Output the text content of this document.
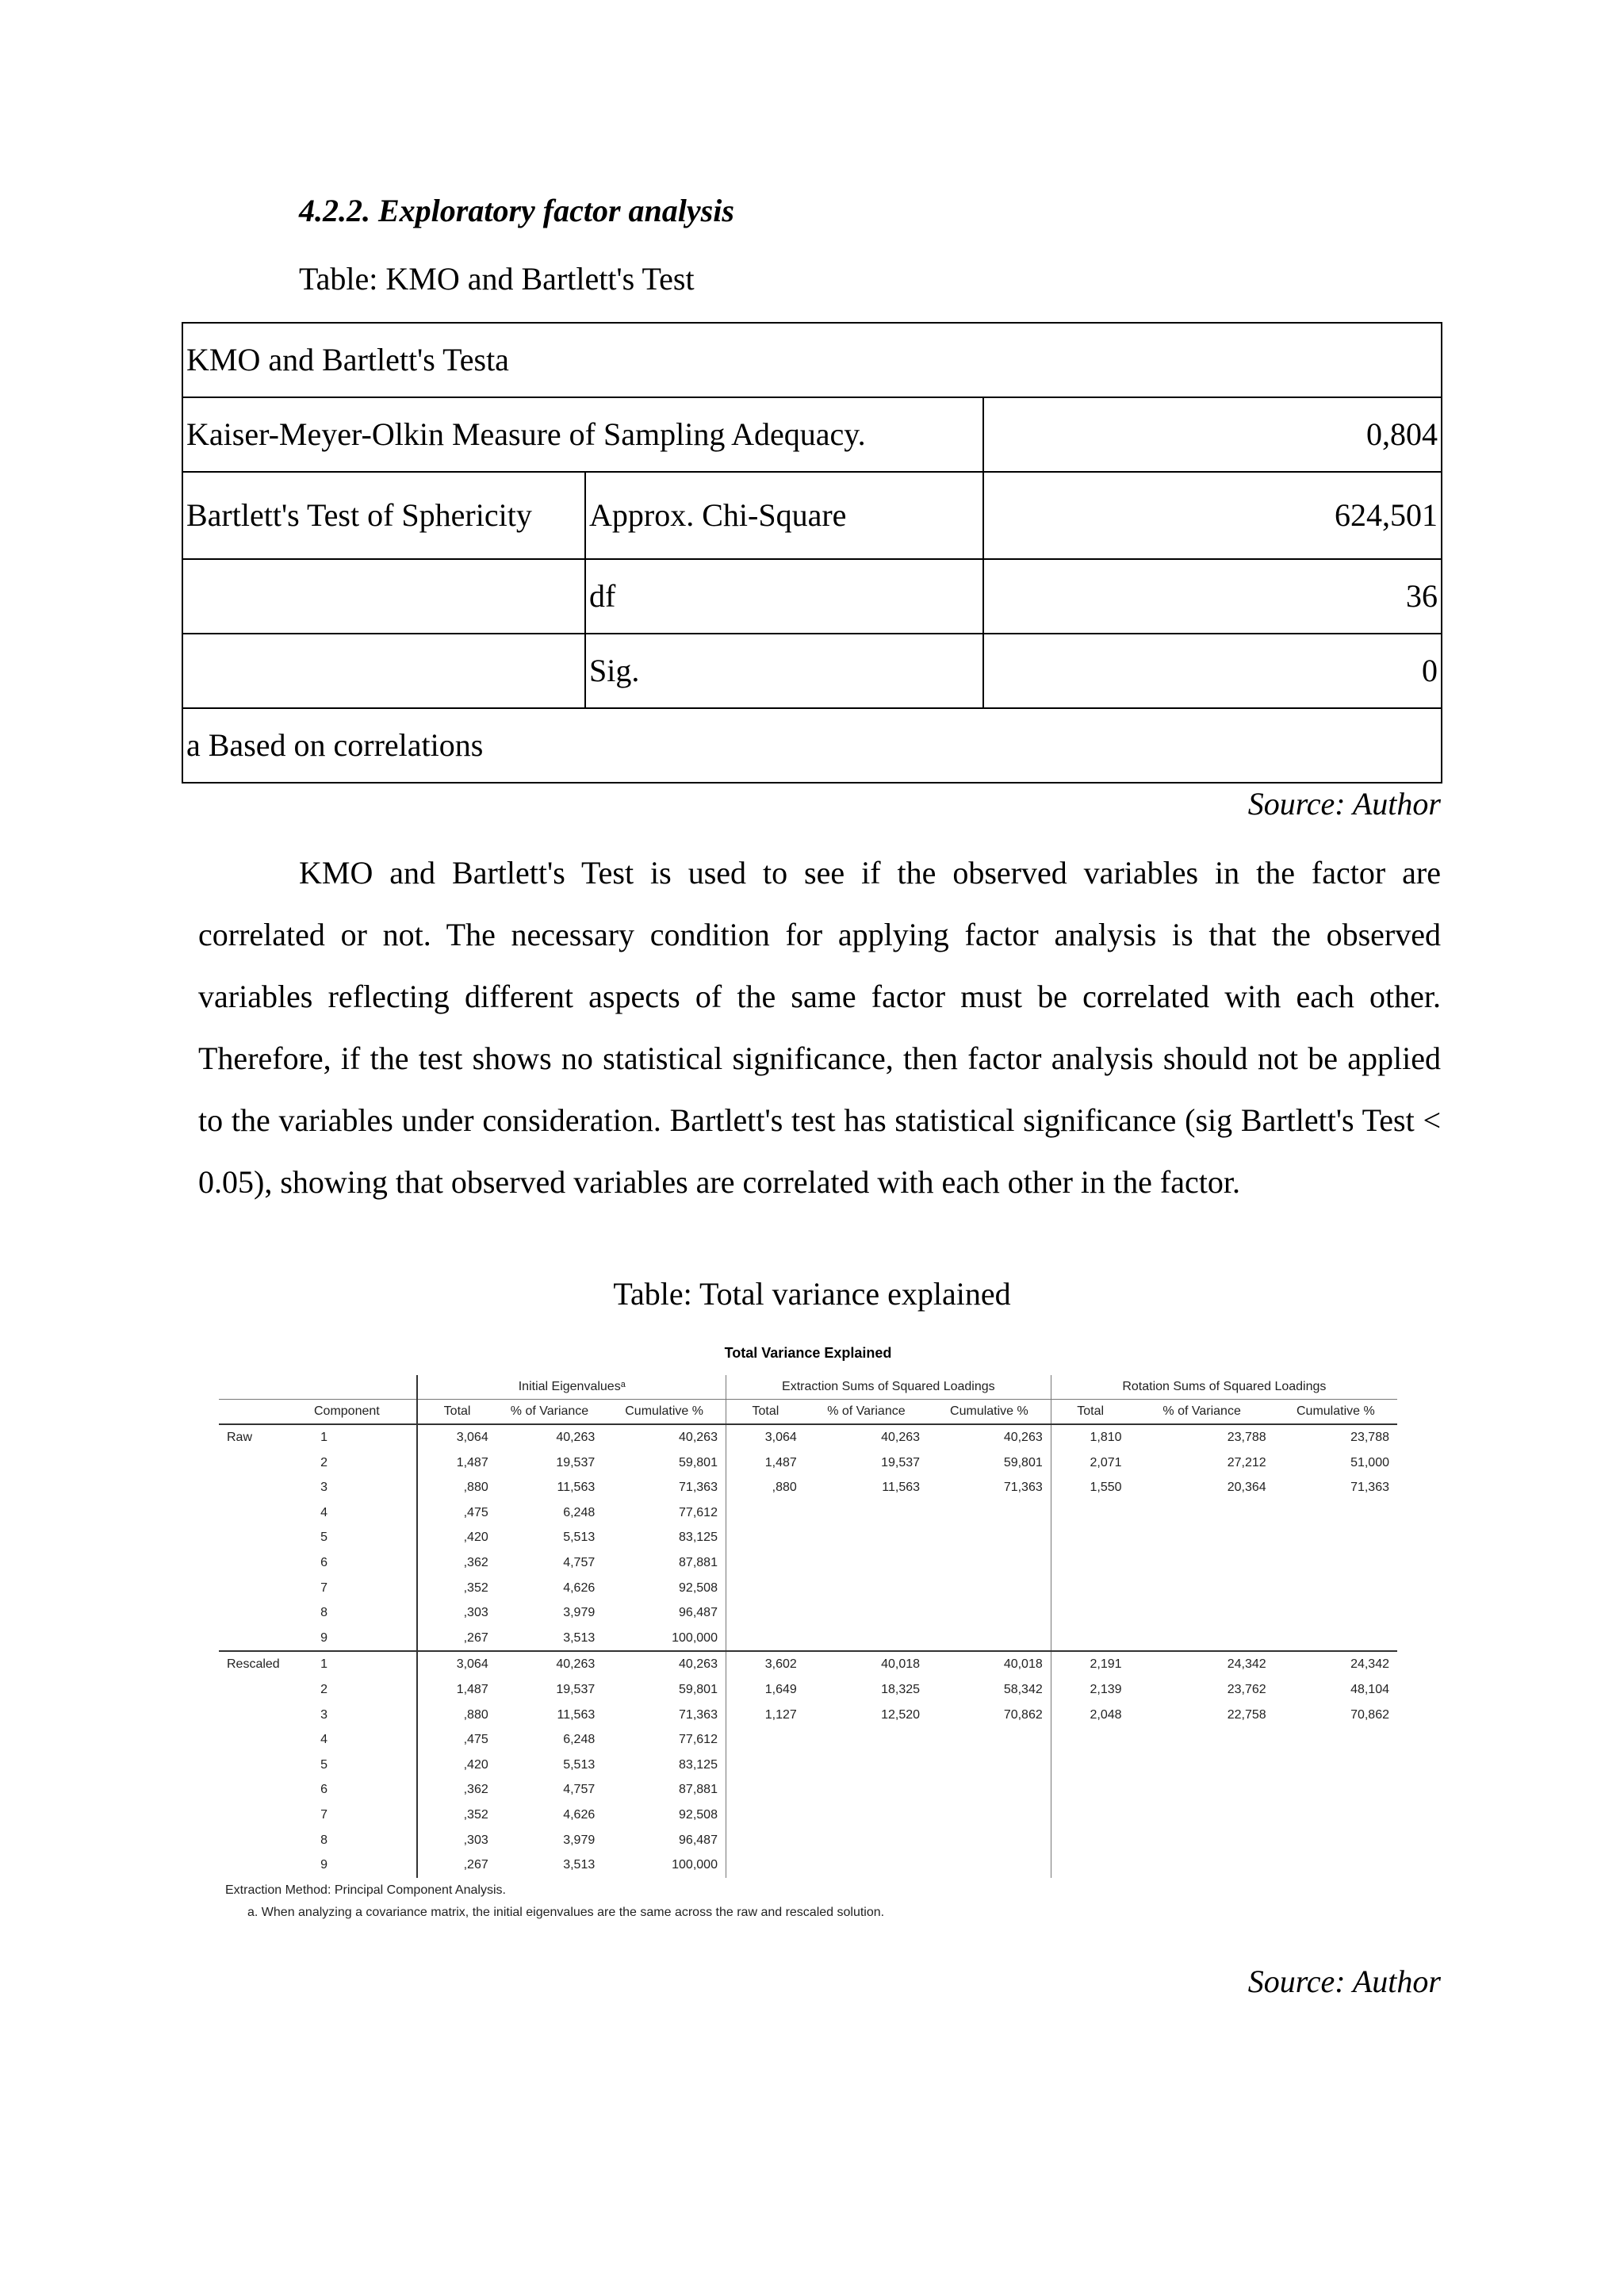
4.2.2. Exploratory factor analysis
Table: KMO and Bartlett's Test
KMO and Bartlett's Testa		
Kaiser-Meyer-Olkin Measure of Sampling Adequacy.		0,804
Bartlett's Test of Sphericity	Approx. Chi-Square	624,501
	df	36
	Sig.	0
a Based on correlations		
Source: Author

KMO and Bartlett's Test is used to see if the observed variables in the factor are correlated or not. The necessary condition for applying factor analysis is that the observed variables reflecting different aspects of the same factor must be correlated with each other. Therefore, if the test shows no statistical significance, then factor analysis should not be applied to the variables under consideration. Bartlett's test has statistical significance (sig Bartlett's Test < 0.05), showing that observed variables are correlated with each other in the factor.

Table: Total variance explained
Total Variance Explained
		Initial Eigenvaluesᵃ			Extraction Sums of Squared Loadings			Rotation Sums of Squared Loadings		
Component		Total	% of Variance	Cumulative %	Total	% of Variance	Cumulative %	Total	% of Variance	Cumulative %
Raw	1	3,064	40,263	40,263	3,064	40,263	40,263	1,810	23,788	23,788
	2	1,487	19,537	59,801	1,487	19,537	59,801	2,071	27,212	51,000
	3	,880	11,563	71,363	,880	11,563	71,363	1,550	20,364	71,363
	4	,475	6,248	77,612						
	5	,420	5,513	83,125						
	6	,362	4,757	87,881						
	7	,352	4,626	92,508						
	8	,303	3,979	96,487						
	9	,267	3,513	100,000						
Rescaled	1	3,064	40,263	40,263	3,602	40,018	40,018	2,191	24,342	24,342
	2	1,487	19,537	59,801	1,649	18,325	58,342	2,139	23,762	48,104
	3	,880	11,563	71,363	1,127	12,520	70,862	2,048	22,758	70,862
	4	,475	6,248	77,612						
	5	,420	5,513	83,125						
	6	,362	4,757	87,881						
	7	,352	4,626	92,508						
	8	,303	3,979	96,487						
	9	,267	3,513	100,000						
Extraction Method: Principal Component Analysis.
a. When analyzing a covariance matrix, the initial eigenvalues are the same across the raw and rescaled solution.
Source: Author
